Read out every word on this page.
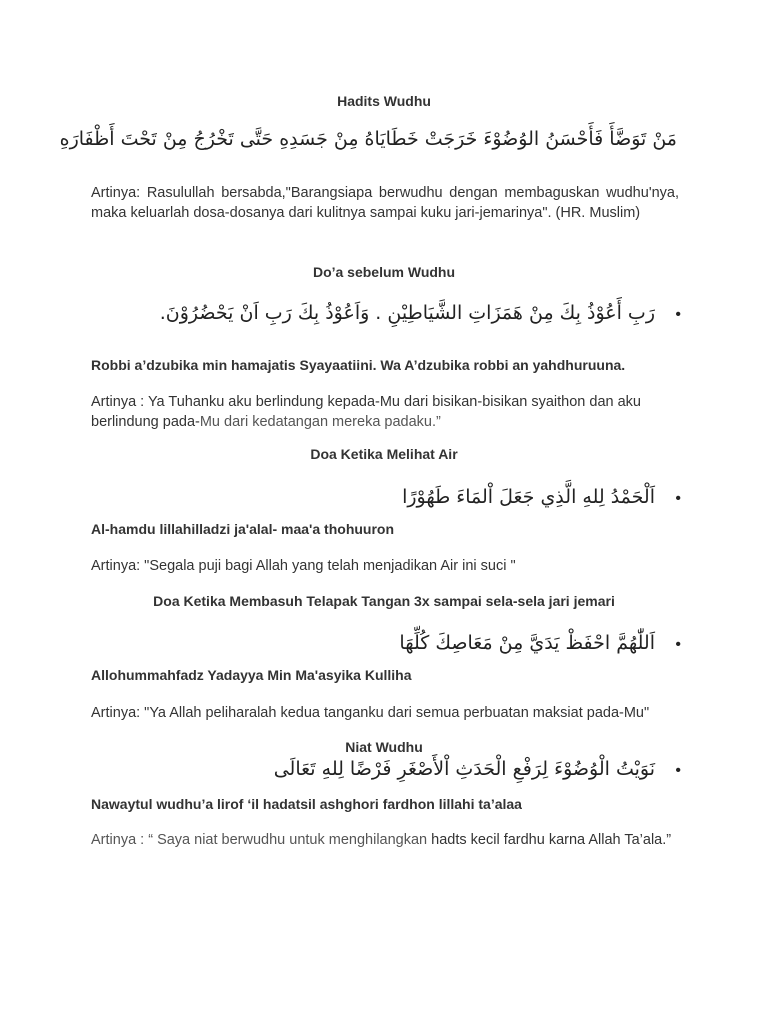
Hadits Wudhu
مَنْ تَوَضَّأَ فَأَحْسَنُ الوُضُوْءَ خَرَجَتْ خَطَايَاهُ مِنْ جَسَدِهِ حَتَّى تَخْرُجُ مِنْ تَحْتَ أَظْفَارَهِ
Artinya: Rasulullah bersabda,"Barangsiapa berwudhu dengan membaguskan wudhu'nya, maka keluarlah dosa-dosanya dari kulitnya sampai kuku jari-jemarinya". (HR. Muslim)
Do’a sebelum Wudhu
•
رَبِ أَعُوْذُ بِكَ مِنْ هَمَزَاتِ الشَّيَاطِيْنِ . وَاَعُوْذُ بِكَ رَبِ اَنْ يَحْضُرُوْنَ.
Robbi a’dzubika min hamajatis Syayaatiini. Wa A’dzubika robbi an yahdhuruuna.
Artinya : Ya Tuhanku aku berlindung kepada-Mu dari bisikan-bisikan syaithon dan aku berlindung pada-Mu dari kedatangan mereka padaku.”
Doa Ketika Melihat Air
•
اَلْحَمْدُ لِلهِ الَّذِي جَعَلَ اْلمَاءَ طَهُوْرًا
Al-hamdu lillahilladzi ja'alal- maa'a thohuuron
Artinya: "Segala puji bagi Allah yang telah menjadikan Air ini suci "
Doa Ketika Membasuh Telapak Tangan 3x sampai sela-sela jari jemari
•
اَللّٰهُمَّ احْفَظْ يَدَيَّ مِنْ مَعَاصِكَ كُلِّهَا
Allohummahfadz Yadayya Min Ma'asyika Kulliha
Artinya: "Ya Allah peliharalah kedua tanganku dari semua perbuatan maksiat pada-Mu"
Niat Wudhu
•
نَوَيْتُ الْوُضُوْءَ لِرَفْعِ الْحَدَثِ اْلأَصْغَرِ فَرْضًا لِلهِ تَعَالَى
Nawaytul wudhu’a lirof ‘il hadatsil ashghori fardhon lillahi ta’alaa
Artinya : “ Saya niat berwudhu untuk menghilangkan hadts kecil fardhu karna Allah Ta’ala.”
